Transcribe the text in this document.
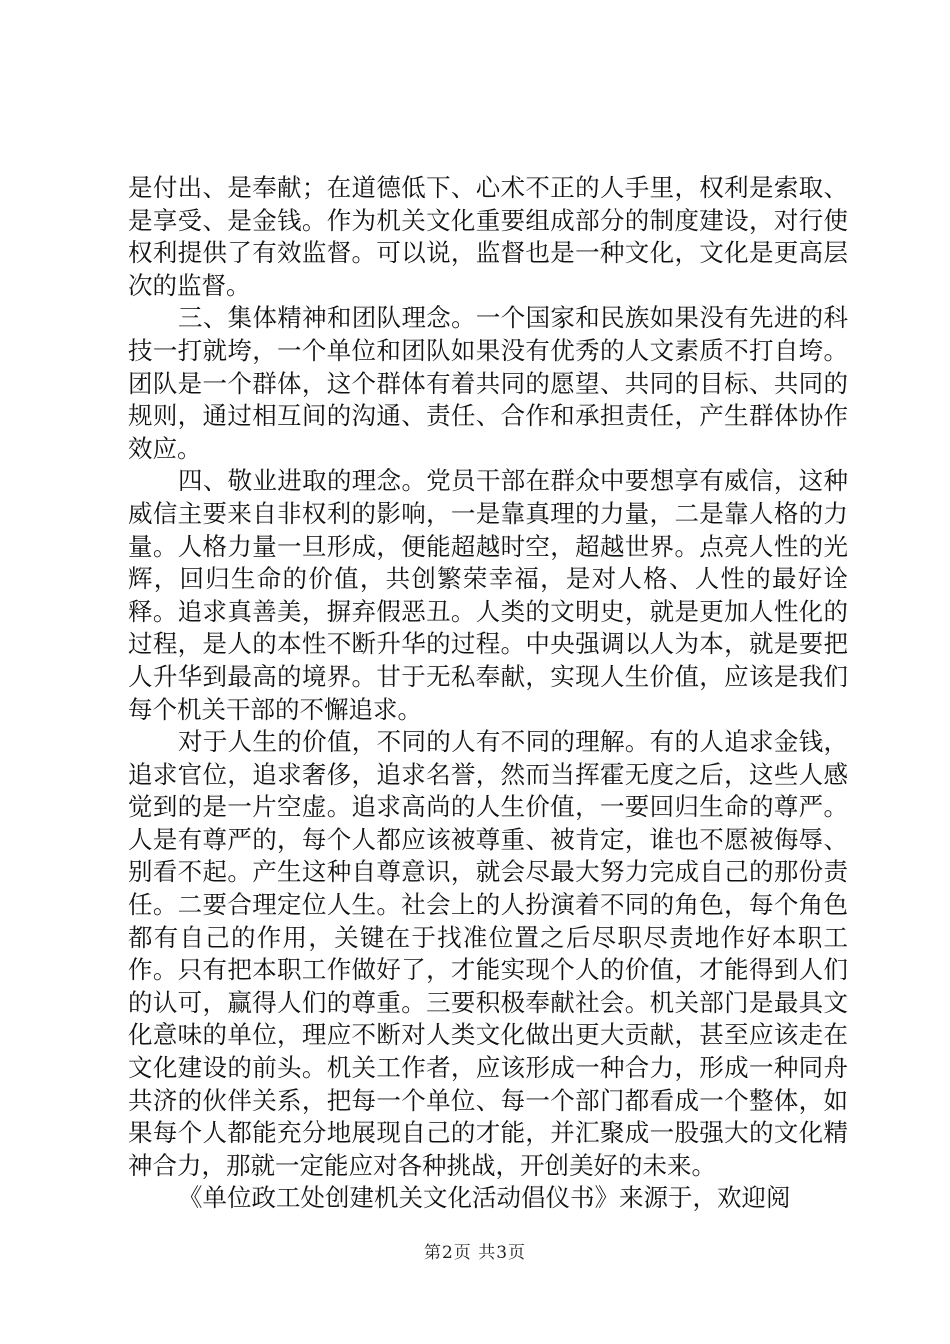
是付出、是奉献；在道德低下、心术不正的人手里，权利是索取、是享受、是金钱。作为机关文化重要组成部分的制度建设，对行使权利提供了有效监督。可以说，监督也是一种文化，文化是更高层次的监督。

三、集体精神和团队理念。一个国家和民族如果没有先进的科技一打就垮，一个单位和团队如果没有优秀的人文素质不打自垮。团队是一个群体，这个群体有着共同的愿望、共同的目标、共同的规则，通过相互间的沟通、责任、合作和承担责任，产生群体协作效应。

四、敬业进取的理念。党员干部在群众中要想享有威信，这种威信主要来自非权利的影响，一是靠真理的力量，二是靠人格的力量。人格力量一旦形成，便能超越时空，超越世界。点亮人性的光辉，回归生命的价值，共创繁荣幸福，是对人格、人性的最好诠释。追求真善美，摒弃假恶丑。人类的文明史，就是更加人性化的过程，是人的本性不断升华的过程。中央强调以人为本，就是要把人升华到最高的境界。甘于无私奉献，实现人生价值，应该是我们每个机关干部的不懈追求。

对于人生的价值，不同的人有不同的理解。有的人追求金钱，追求官位，追求奢侈，追求名誉，然而当挥霍无度之后，这些人感觉到的是一片空虚。追求高尚的人生价值，一要回归生命的尊严。人是有尊严的，每个人都应该被尊重、被肯定，谁也不愿被侮辱、别看不起。产生这种自尊意识，就会尽最大努力完成自己的那份责任。二要合理定位人生。社会上的人扮演着不同的角色，每个角色都有自己的作用，关键在于找准位置之后尽职尽责地作好本职工作。只有把本职工作做好了，才能实现个人的价值，才能得到人们的认可，赢得人们的尊重。三要积极奉献社会。机关部门是最具文化意味的单位，理应不断对人类文化做出更大贡献，甚至应该走在文化建设的前头。机关工作者，应该形成一种合力，形成一种同舟共济的伙伴关系，把每一个单位、每一个部门都看成一个整体，如果每个人都能充分地展现自己的才能，并汇聚成一股强大的文化精神合力，那就一定能应对各种挑战，开创美好的未来。

《单位政工处创建机关文化活动倡仪书》来源于，欢迎阅

第2页 共3页
